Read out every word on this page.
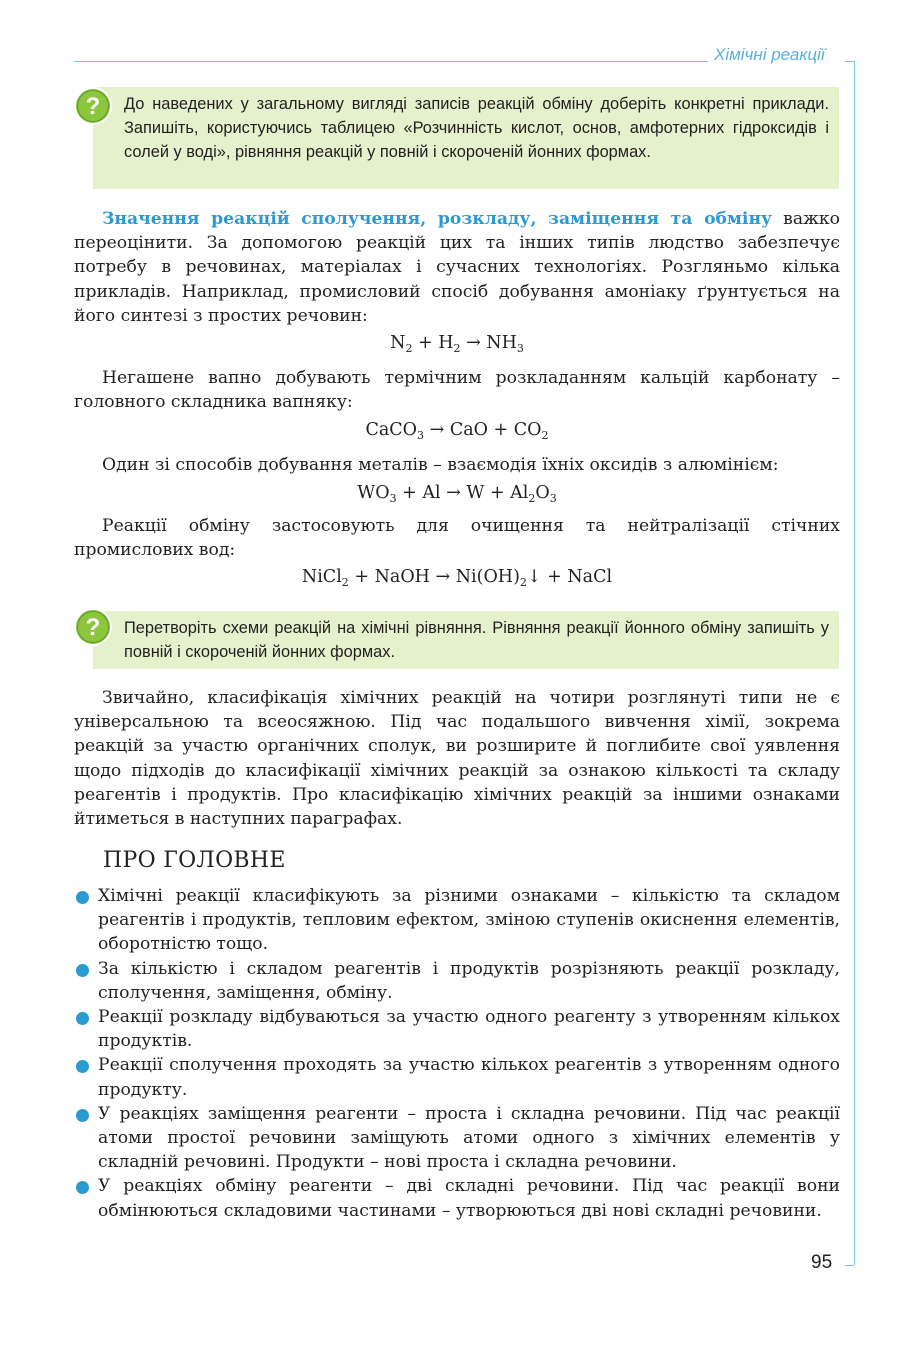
Хімічні реакції

До наведених у загальному вигляді записів реакцій обміну доберіть конкретні приклади. Запишіть, користуючись таблицею «Розчинність кислот, основ, амфотерних гідроксидів і солей у воді», рівняння реакцій у повній і скороченій йонних формах.

?

Значення реакцій сполучення, розкладу, заміщення та обміну важко переоцінити. За допомогою реакцій цих та інших типів людство забезпечує потребу в речовинах, матеріалах і сучасних технологіях. Розгляньмо кілька прикладів. Наприклад, промисловий спосіб добування амоніаку ґрунтується на його синтезі з простих речовин:

$N_2 + H_2 \to NH_3$

Негашене вапно добувають термічним розкладанням кальцій карбонату – головного складника вапняку:

CaCO$_3$ → CaO + $CO_2$

Один зі способів добування металів – взаємодія їхніх оксидів з алюмінієм:

$WO_3 + Al \to W + Al_2O_3$

Реакції обміну застосовують для очищення та нейтралізації стічних промислових вод:

NiCl$_2$ + NaOH → $Ni(OH)_2↓$ + NaCl

Перетворіть схеми реакцій на хімічні рівняння. Рівняння реакції йонного обміну запишіть у повній і скороченій йонних формах.

?

Звичайно, класифікація хімічних реакцій на чотири розглянуті типи не є універсальною та всеосяжною. Під час подальшого вивчення хімії, зокрема реакцій за участю органічних сполук, ви розширите й поглибите свої уявлення щодо підходів до класифікації хімічних реакцій за ознакою кількості та складу реагентів і продуктів. Про класифікацію хімічних реакцій за іншими ознаками йтиметься в наступних параграфах.

ПРО ГОЛОВНЕ
Хімічні реакції класифікують за різними ознаками – кількістю та складом реагентів і продуктів, тепловим ефектом, зміною ступенів окиснення елементів, оборотністю тощо.
За кількістю і складом реагентів і продуктів розрізняють реакції розкладу, сполучення, заміщення, обміну.
Реакції розкладу відбуваються за участю одного реагенту з утворенням кількох продуктів.
Реакції сполучення проходять за участю кількох реагентів з утворенням одного продукту.
У реакціях заміщення реагенти – проста і складна речовини. Під час реакції атоми простої речовини заміщують атоми одного з хімічних елементів у складній речовині. Продукти – нові проста і складна речовини.
У реакціях обміну реагенти – дві складні речовини. Під час реакції вони обмінюються складовими частинами – утворюються дві нові складні речовини.
95
